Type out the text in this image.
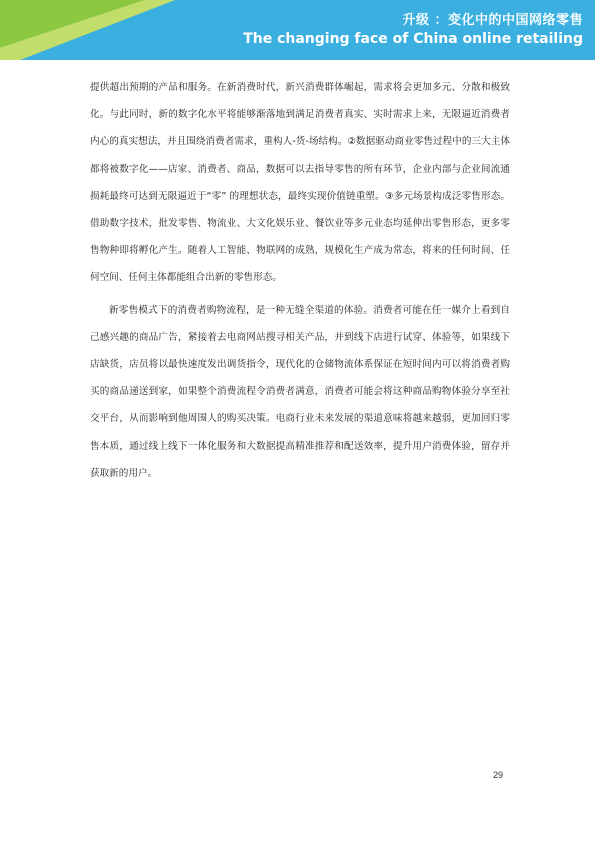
升级 ：变化中的中国网络零售
The changing face of China online retailing

提供超出预期的产品和服务。在新消费时代，新兴消费群体崛起，需求将会更加多元、分散和极致化。与此同时，新的数字化水平将能够渐落地到满足消费者真实、实时需求上来，无限逼近消费者内心的真实想法，并且围绕消费者需求，重构人-货-场结构。②数据驱动商业零售过程中的三大主体都将被数字化——店家、消费者、商品，数据可以去指导零售的所有环节，企业内部与企业间流通损耗最终可达到无限逼近于“零” 的理想状态，最终实现价值链重塑。③多元场景构成泛零售形态。借助数字技术，批发零售、物流业、大文化娱乐业、餐饮业等多元业态均延伸出零售形态，更多零售物种即将孵化产生。随着人工智能、物联网的成熟，规模化生产成为常态，将来的任何时间、任何空间、任何主体都能组合出新的零售形态。

新零售模式下的消费者购物流程，是一种无缝全渠道的体验。消费者可能在任一媒介上看到自己感兴趣的商品广告，紧接着去电商网站搜寻相关产品，并到线下店进行试穿、体验等，如果线下店缺货，店员将以最快速度发出调货指令，现代化的仓储物流体系保证在短时间内可以将消费者购买的商品递送到家，如果整个消费流程令消费者满意，消费者可能会将这种商品购物体验分享至社交平台，从而影响到他周围人的购买决策。电商行业未来发展的渠道意味将越来越弱，更加回归零售本质，通过线上线下一体化服务和大数据提高精准推荐和配送效率，提升用户消费体验，留存并获取新的用户。

29
